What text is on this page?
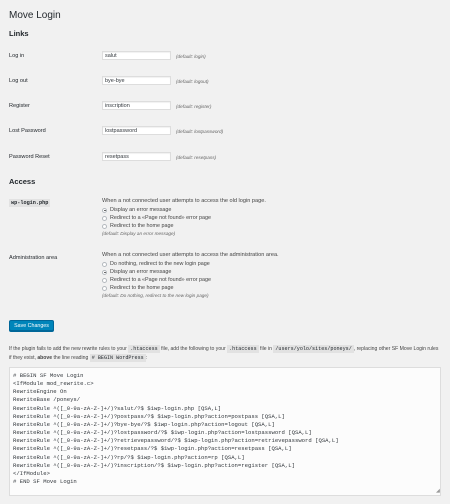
Move Login
Links
Log in
salut	(default: login)
Log out
bye-bye	(default: logout)
Register
inscription	(default: register)
Lost Password
lostpassword	(default: lostpassword)
Password Reset
resetpass	(default: resetpass)
Access
wp-login.php	When a not connected user attempts to access the old login page.
Display an error message
Redirect to a «Page not found» error page
Redirect to the home page
(default: Display an error message)
Administration area	When a not connected user attempts to access the administration area.
Do nothing, redirect to the new login page
Display an error message
Redirect to a «Page not found» error page
Redirect to the home page
(default: Do nothing, redirect to the new login page)
Save Changes
If the plugin fails to add the new rewrite rules to your .htaccess file, add the following to your .htaccess file in /users/yolo/sites/poneys/ , replacing other SF Move Login rules if they exist, above the line reading # BEGIN WordPress :
# BEGIN SF Move Login
<IfModule mod_rewrite.c>
RewriteEngine On
RewriteBase /poneys/
RewriteRule ^([_0-9a-zA-Z-]+/)?salut/?$ $1wp-login.php [QSA,L]
RewriteRule ^([_0-9a-zA-Z-]+/)?postpass/?$ $1wp-login.php?action=postpass [QSA,L]
RewriteRule ^([_0-9a-zA-Z-]+/)?bye-bye/?$ $1wp-login.php?action=logout [QSA,L]
RewriteRule ^([_0-9a-zA-Z-]+/)?lostpassword/?$ $1wp-login.php?action=lostpassword [QSA,L]
RewriteRule ^([_0-9a-zA-Z-]+/)?retrievepassword/?$ $1wp-login.php?action=retrievepassword [QSA,L]
RewriteRule ^([_0-9a-zA-Z-]+/)?resetpass/?$ $1wp-login.php?action=resetpass [QSA,L]
RewriteRule ^([_0-9a-zA-Z-]+/)?rp/?$ $1wp-login.php?action=rp [QSA,L]
RewriteRule ^([_0-9a-zA-Z-]+/)?inscription/?$ $1wp-login.php?action=register [QSA,L]
</IfModule>
# END SF Move Login
